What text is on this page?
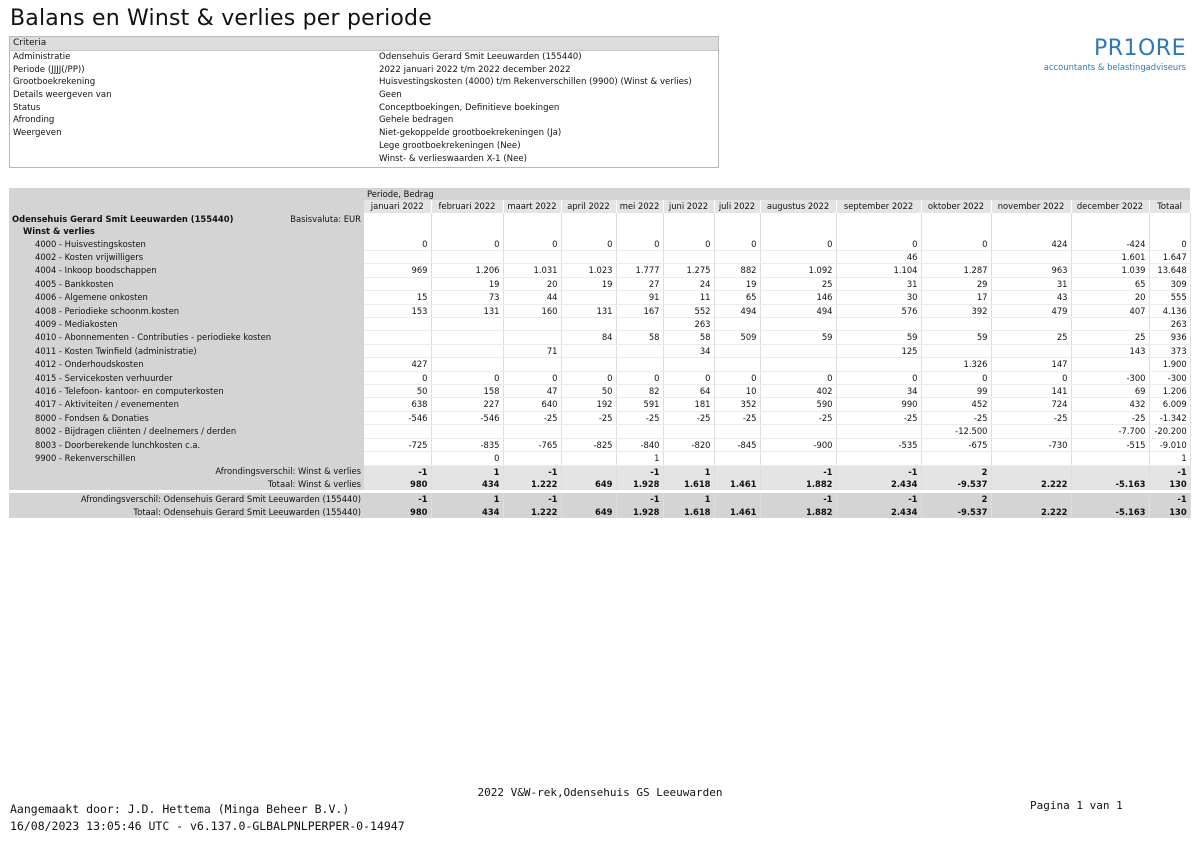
Balans en Winst & verlies per periode
Criteria
Administratie	Odensehuis Gerard Smit Leeuwarden (155440)
Periode (JJJJ(/PP))	2022 januari 2022 t/m 2022 december 2022
Grootboekrekening	Huisvestingskosten (4000) t/m Rekenverschillen (9900) (Winst & verlies)
Details weergeven van	Geen
Status	Conceptboekingen, Definitieve boekingen
Afronding	Gehele bedragen
Weergeven	Niet-gekoppelde grootboekrekeningen (Ja)
Lege grootboekrekeningen (Nee)
Winst- & verlieswaarden X-1 (Nee)
PR1ORE
accountants & belastingadviseurs
	Periode, Bedrag												
	januari 2022	februari 2022	maart 2022	april 2022	mei 2022	juni 2022	juli 2022	augustus 2022	september 2022	oktober 2022	november 2022	december 2022	Totaal

Odensehuis Gerard Smit Leeuwarden (155440)	Basisvaluta: EUR

Winst & verlies													
4000 - Huisvestingskosten	0	0	0	0	0	0	0	0	0	0	424	-424	0
4002 - Kosten vrijwilligers									46			1.601	1.647
4004 - Inkoop boodschappen	969	1.206	1.031	1.023	1.777	1.275	882	1.092	1.104	1.287	963	1.039	13.648
4005 - Bankkosten		19	20	19	27	24	19	25	31	29	31	65	309
4006 - Algemene onkosten	15	73	44		91	11	65	146	30	17	43	20	555
4008 - Periodieke schoonm.kosten	153	131	160	131	167	552	494	494	576	392	479	407	4.136
4009 - Mediakosten						263							263
4010 - Abonnementen - Contributies - periodieke kosten				84	58	58	509	59	59	59	25	25	936
4011 - Kosten Twinfield (administratie)			71			34			125			143	373
4012 - Onderhoudskosten	427									1.326	147		1.900
4015 - Servicekosten verhuurder	0	0	0	0	0	0	0	0	0	0	0	-300	-300
4016 - Telefoon- kantoor- en computerkosten	50	158	47	50	82	64	10	402	34	99	141	69	1.206
4017 - Aktiviteiten / evenementen	638	227	640	192	591	181	352	590	990	452	724	432	6.009
8000 - Fondsen & Donaties	-546	-546	-25	-25	-25	-25	-25	-25	-25	-25	-25	-25	-1.342
8002 - Bijdragen cliënten / deelnemers / derden										-12.500		-7.700	-20.200
8003 - Doorberekende lunchkosten c.a.	-725	-835	-765	-825	-840	-820	-845	-900	-535	-675	-730	-515	-9.010
9900 - Rekenverschillen		0			1								1
Afrondingsverschil: Winst & verlies	-1	1	-1		-1	1		-1	-1	2			-1
Totaal: Winst & verlies	980	434	1.222	649	1.928	1.618	1.461	1.882	2.434	-9.537	2.222	-5.163	130

Afrondingsverschil: Odensehuis Gerard Smit Leeuwarden (155440)	-1	1	-1		-1	1		-1	-1	2			-1
Totaal: Odensehuis Gerard Smit Leeuwarden (155440)	980	434	1.222	649	1.928	1.618	1.461	1.882	2.434	-9.537	2.222	-5.163	130
2022 V&W-rek,Odensehuis GS Leeuwarden
Aangemaakt door: J.D. Hettema (Minga Beheer B.V.)
16/08/2023 13:05:46 UTC - v6.137.0-GLBALPNLPERPER-0-14947
Pagina 1 van 1
